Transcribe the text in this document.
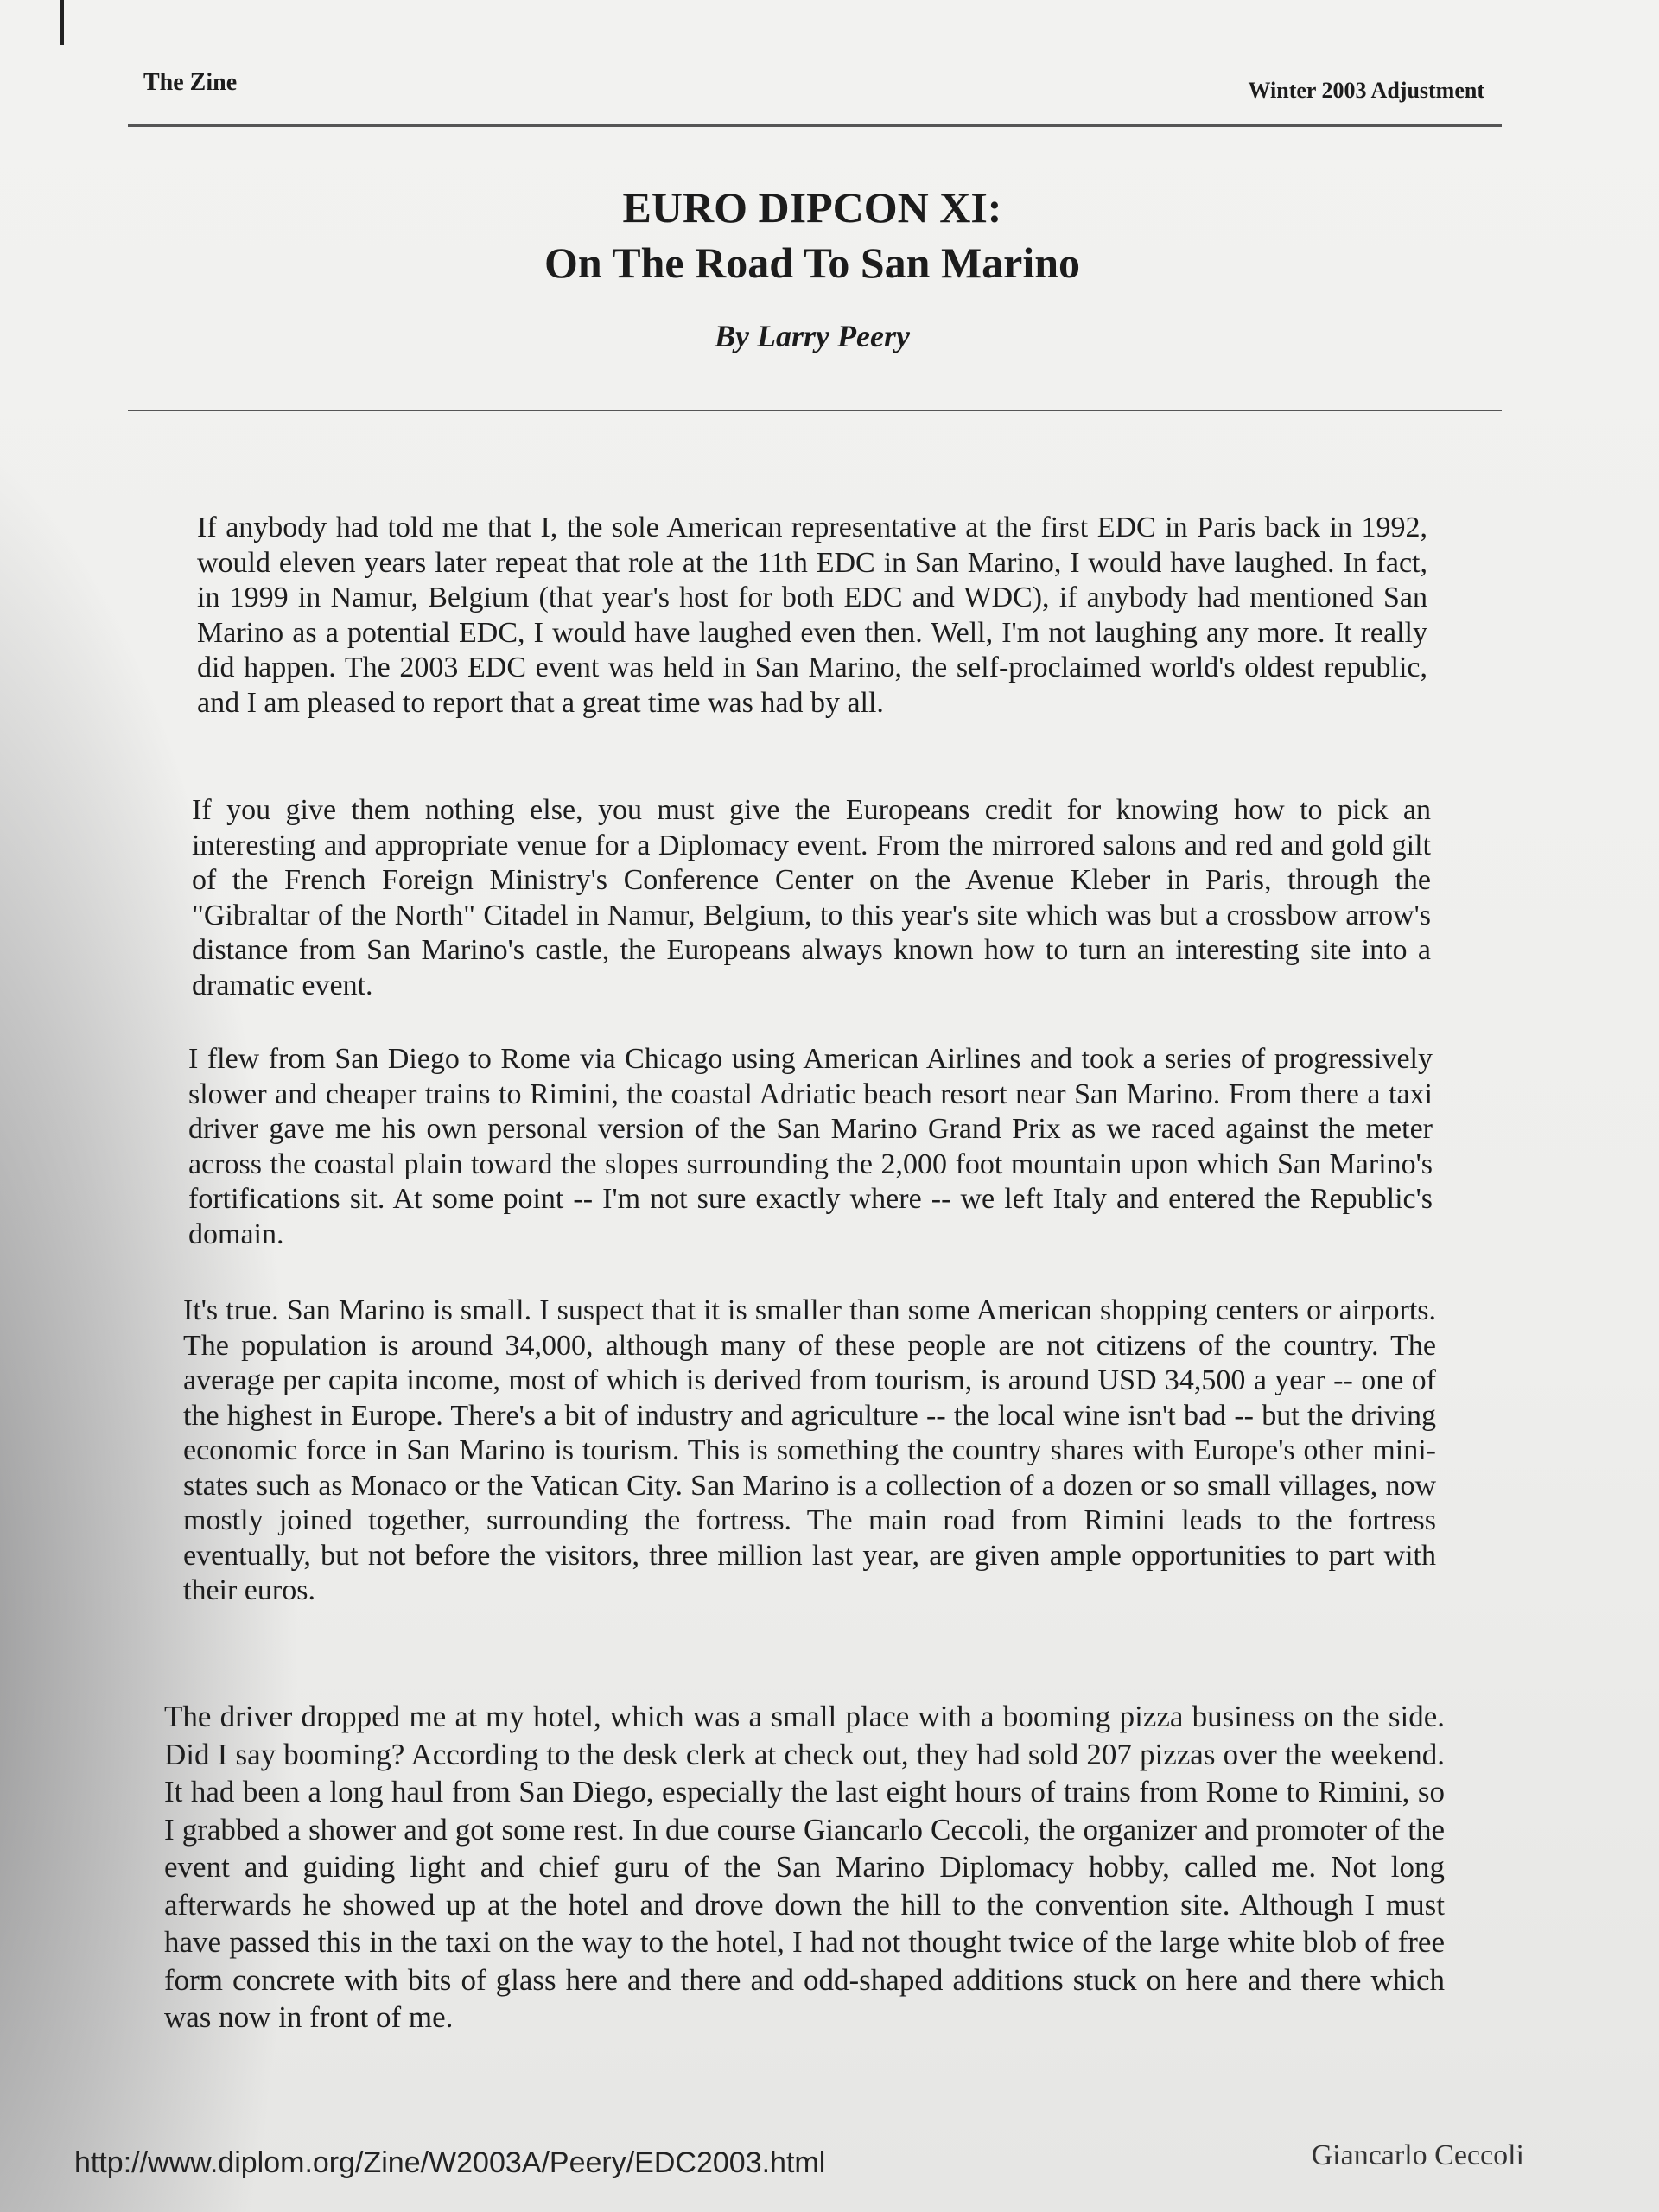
The Zine	Winter 2003 Adjustment
EURO DIPCON XI:
On The Road To San Marino
By Larry Peery

If anybody had told me that I, the sole American representative at the first EDC in Paris back in 1992, would eleven years later repeat that role at the 11th EDC in San Marino, I would have laughed. In fact, in 1999 in Namur, Belgium (that year's host for both EDC and WDC), if anybody had mentioned San Marino as a potential EDC, I would have laughed even then. Well, I'm not laughing any more. It really did happen. The 2003 EDC event was held in San Marino, the self-proclaimed world's oldest republic, and I am pleased to report that a great time was had by all.

If you give them nothing else, you must give the Europeans credit for knowing how to pick an interesting and appropriate venue for a Diplomacy event. From the mirrored salons and red and gold gilt of the French Foreign Ministry's Conference Center on the Avenue Kleber in Paris, through the "Gibraltar of the North" Citadel in Namur, Belgium, to this year's site which was but a crossbow arrow's distance from San Marino's castle, the Europeans always known how to turn an interesting site into a dramatic event.

I flew from San Diego to Rome via Chicago using American Airlines and took a series of progressively slower and cheaper trains to Rimini, the coastal Adriatic beach resort near San Marino. From there a taxi driver gave me his own personal version of the San Marino Grand Prix as we raced against the meter across the coastal plain toward the slopes surrounding the 2,000 foot mountain upon which San Marino's fortifications sit. At some point -- I'm not sure exactly where -- we left Italy and entered the Republic's domain.

It's true. San Marino is small. I suspect that it is smaller than some American shopping centers or airports. The population is around 34,000, although many of these people are not citizens of the country. The average per capita income, most of which is derived from tourism, is around USD 34,500 a year -- one of the highest in Europe. There's a bit of industry and agriculture -- the local wine isn't bad -- but the driving economic force in San Marino is tourism. This is something the country shares with Europe's other mini-states such as Monaco or the Vatican City. San Marino is a collection of a dozen or so small villages, now mostly joined together, surrounding the fortress. The main road from Rimini leads to the fortress eventually, but not before the visitors, three million last year, are given ample opportunities to part with their euros.

The driver dropped me at my hotel, which was a small place with a booming pizza business on the side. Did I say booming? According to the desk clerk at check out, they had sold 207 pizzas over the weekend. It had been a long haul from San Diego, especially the last eight hours of trains from Rome to Rimini, so I grabbed a shower and got some rest. In due course Giancarlo Ceccoli, the organizer and promoter of the event and guiding light and chief guru of the San Marino Diplomacy hobby, called me. Not long afterwards he showed up at the hotel and drove down the hill to the convention site. Although I must have passed this in the taxi on the way to the hotel, I had not thought twice of the large white blob of free form concrete with bits of glass here and there and odd-shaped additions stuck on here and there which was now in front of me.

http://www.diplom.org/Zine/W2003A/Peery/EDC2003.html	Giancarlo Ceccoli
